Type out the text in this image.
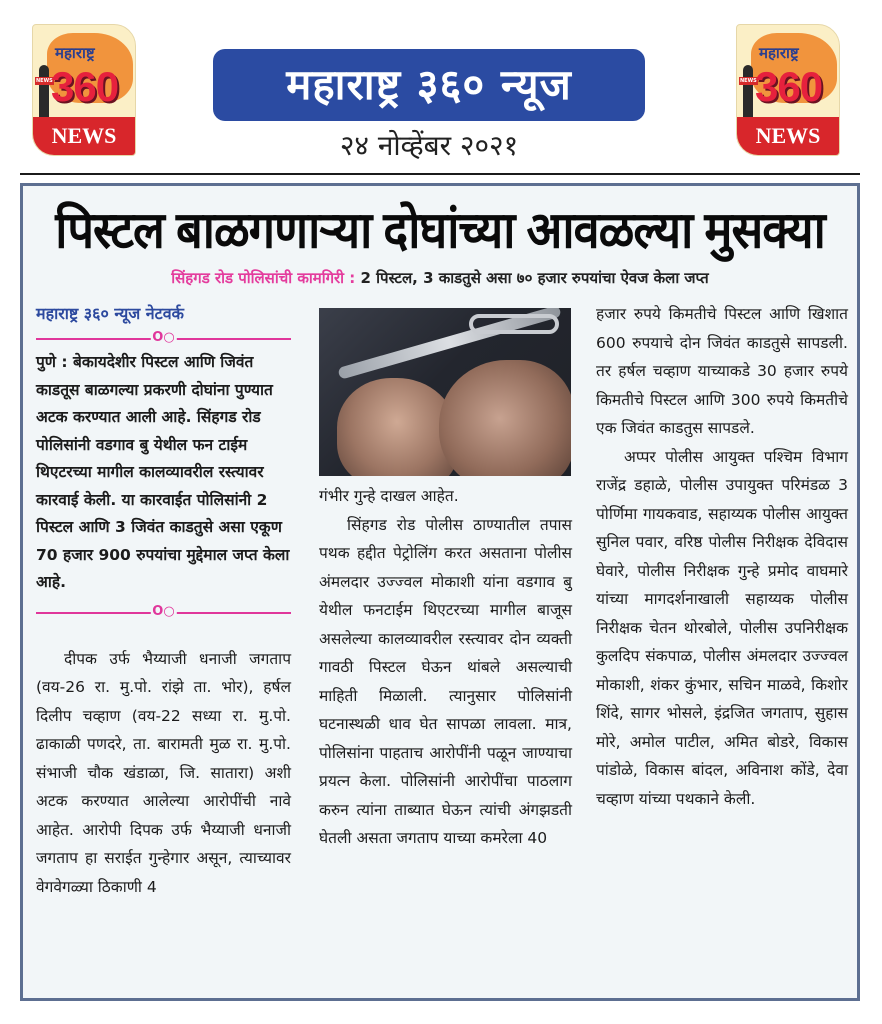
महाराष्ट्र
NEWS
360
NEWS
महाराष्ट्र ३६० न्यूज
२४ नोव्हेंबर २०२१
महाराष्ट्र
NEWS
360
NEWS
पिस्टल बाळगणाऱ्या दोघांच्या आवळल्या मुसक्या
सिंहगड रोड पोलिसांची कामगिरी : 2 पिस्टल, 3 काडतुसे असा ७० हजार रुपयांचा ऐवज केला जप्त
महाराष्ट्र ३६० न्यूज नेटवर्क
O○

पुणे : बेकायदेशीर पिस्टल आणि जिवंत काडतूस बाळगल्या प्रकरणी दोघांना पुण्यात अटक करण्यात आली आहे. सिंहगड रोड पोलिसांनी वडगाव बु येथील फन टाईम थिएटरच्या मागील कालव्यावरील रस्त्यावर कारवाई केली. या कारवाईत पोलिसांनी 2 पिस्टल आणि 3 जिवंत काडतुसे असा एकूण 70 हजार 900 रुपयांचा मुद्देमाल जप्त केला आहे.

O○

दीपक उर्फ भैय्याजी धनाजी जगताप (वय-26 रा. मु.पो. रांझे ता. भोर), हर्षल दिलीप चव्हाण (वय-22 सध्या रा. मु.पो. ढाकाळी पणदरे, ता. बारामती मुळ रा. मु.पो. संभाजी चौक खंडाळा, जि. सातारा) अशी अटक करण्यात आलेल्या आरोपींची नावे आहेत. आरोपी दिपक उर्फ भैय्याजी धनाजी जगताप हा सराईत गुन्हेगार असून, त्याच्यावर वेगवेगळ्या ठिकाणी 4

गंभीर गुन्हे दाखल आहेत.

सिंहगड रोड पोलीस ठाण्यातील तपास पथक हद्दीत पेट्रोलिंग करत असताना पोलीस अंमलदार उज्ज्वल मोकाशी यांना वडगाव बु येथील फनटाईम थिएटरच्या मागील बाजूस असलेल्या कालव्यावरील रस्त्यावर दोन व्यक्ती गावठी पिस्टल घेऊन थांबले असल्याची माहिती मिळाली. त्यानुसार पोलिसांनी घटनास्थळी धाव घेत सापळा लावला. मात्र, पोलिसांना पाहताच आरोपींनी पळून जाण्याचा प्रयत्न केला. पोलिसांनी आरोपींचा पाठलाग करुन त्यांना ताब्यात घेऊन त्यांची अंगझडती घेतली असता जगताप याच्या कमरेला 40

हजार रुपये किमतीचे पिस्टल आणि खिशात 600 रुपयाचे दोन जिवंत काडतुसे सापडली. तर हर्षल चव्हाण याच्याकडे 30 हजार रुपये किमतीचे पिस्टल आणि 300 रुपये किमतीचे एक जिवंत काडतुस सापडले.

अप्पर पोलीस आयुक्त पश्चिम विभाग राजेंद्र डहाळे, पोलीस उपायुक्त परिमंडळ 3 पोर्णिमा गायकवाड, सहाय्यक पोलीस आयुक्त सुनिल पवार, वरिष्ठ पोलीस निरीक्षक देविदास घेवारे, पोलीस निरीक्षक गुन्हे प्रमोद वाघमारे यांच्या मागदर्शनाखाली सहाय्यक पोलीस निरीक्षक चेतन थोरबोले, पोलीस उपनिरीक्षक कुलदिप संकपाळ, पोलीस अंमलदार उज्ज्वल मोकाशी, शंकर कुंभार, सचिन माळवे, किशोर शिंदे, सागर भोसले, इंद्रजित जगताप, सुहास मोरे, अमोल पाटील, अमित बोडरे, विकास पांडोळे, विकास बांदल, अविनाश कोंडे, देवा चव्हाण यांच्या पथकाने केली.
